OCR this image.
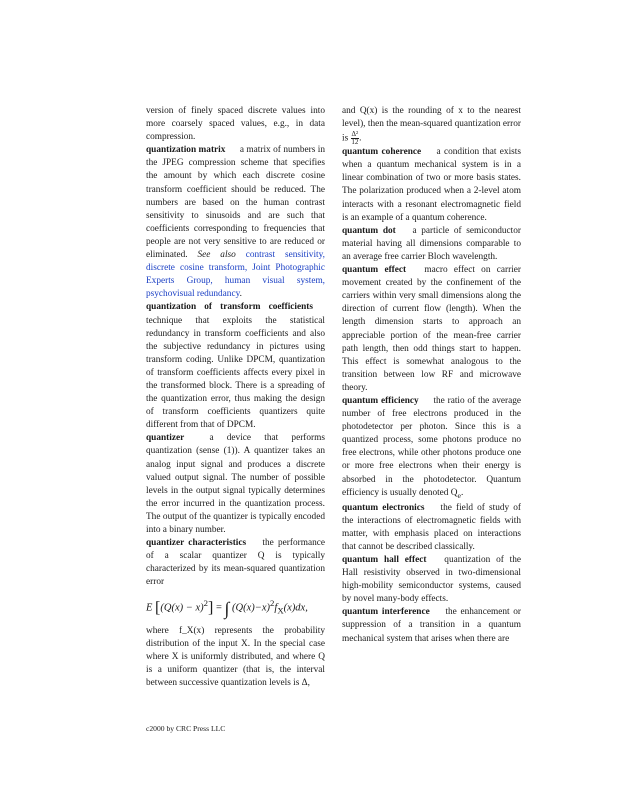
version of finely spaced discrete values into more coarsely spaced values, e.g., in data compression.

quantization matrix a matrix of numbers in the JPEG compression scheme that specifies the amount by which each discrete cosine transform coefficient should be reduced. The numbers are based on the human contrast sensitivity to sinusoids and are such that coefficients corresponding to frequencies that people are not very sensitive to are reduced or eliminated. See also contrast sensitivity, discrete cosine transform, Joint Photographic Experts Group, human visual system, psychovisual redundancy.

quantization of transform coefficients technique that exploits the statistical redundancy in transform coefficients and also the subjective redundancy in pictures using transform coding. Unlike DPCM, quantization of transform coefficients affects every pixel in the transformed block. There is a spreading of the quantization error, thus making the design of transform coefficients quantizers quite different from that of DPCM.

quantizer	a device that performs quantization (sense (1)). A quantizer takes an analog input signal and produces a discrete valued output signal. The number of possible levels in the output signal typically determines the error incurred in the quantization process. The output of the quantizer is typically encoded into a binary number.

quantizer characteristics the performance of a scalar quantizer Q is typically characterized by its mean-squared quantization error

E $[(Q(x) - x)^2]$ = ∫ $(Q(x)-x)^2f_X(x)dx$,

where f_X(x) represents the probability distribution of the input X. In the special case where X is uniformly distributed, and where Q is a uniform quantizer (that is, the interval between successive quantization levels is Δ,

and Q(x) is the rounding of x to the nearest level), then the mean-squared quantization error is $\frac{\text{Δ²}}{12}$ .

quantum coherence a condition that exists when a quantum mechanical system is in a linear combination of two or more basis states. The polarization produced when a 2-level atom interacts with a resonant electromagnetic field is an example of a quantum coherence.

quantum dot a particle of semiconductor material having all dimensions comparable to an average free carrier Bloch wavelength.

quantum effect macro effect on carrier movement created by the confinement of the carriers within very small dimensions along the direction of current flow (length). When the length dimension starts to approach an appreciable portion of the mean-free carrier path length, then odd things start to happen. This effect is somewhat analogous to the transition between low RF and microwave theory.

quantum efficiency the ratio of the average number of free electrons produced in the photodetector per photon. Since this is a quantized process, some photons produce no free electrons, while other photons produce one or more free electrons when their energy is absorbed in the photodetector. Quantum efficiency is usually denoted $Q_e$.

quantum electronics the field of study of the interactions of electromagnetic fields with matter, with emphasis placed on interactions that cannot be described classically.

quantum hall effect quantization of the Hall resistivity observed in two-dimensional high-mobility semiconductor systems, caused by novel many-body effects.

quantum interference the enhancement or suppression of a transition in a quantum mechanical system that arises when there are

c2000 by CRC Press LLC
